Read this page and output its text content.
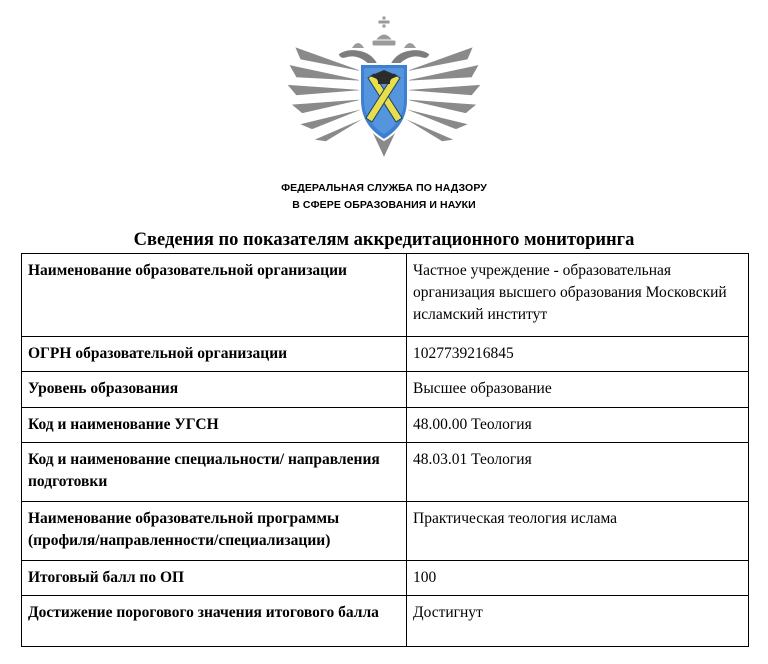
ФЕДЕРАЛЬНАЯ СЛУЖБА ПО НАДЗОРУ
В СФЕРЕ ОБРАЗОВАНИЯ И НАУКИ
Сведения по показателям аккредитационного мониторинга
Наименование образовательной организации	Частное учреждение - образовательная организация высшего образования Московский исламский институт
ОГРН образовательной организации	1027739216845
Уровень образования	Высшее образование
Код и наименование УГСН	48.00.00 Теология
Код и наименование специальности/ направления подготовки	48.03.01 Теология
Наименование образовательной программы (профиля/направленности/специализации)	Практическая теология ислама
Итоговый балл по ОП	100
Достижение порогового значения итогового балла	Достигнут
